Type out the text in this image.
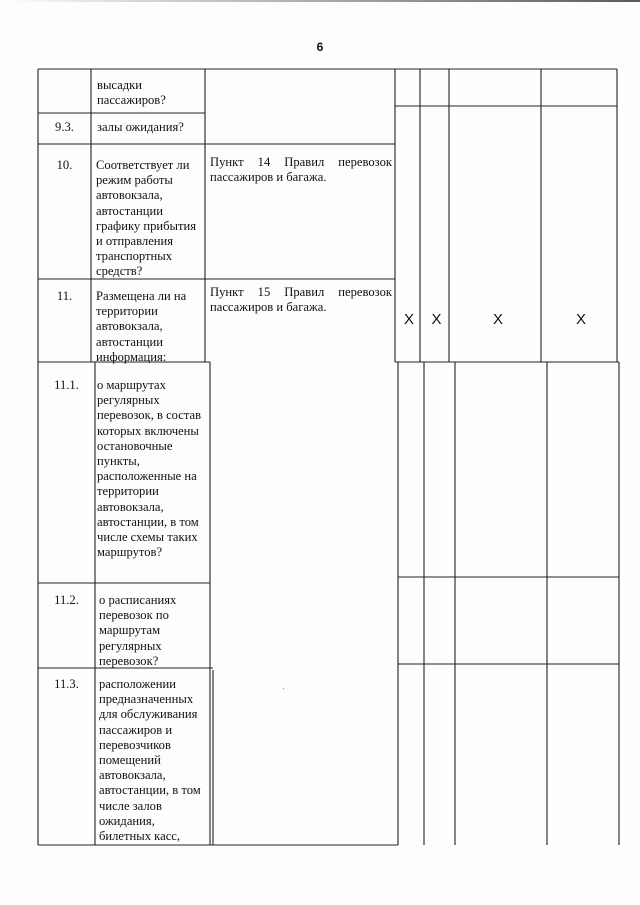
6
высадки
пассажиров?
9.3.	залы ожидания?
10.	Соответствует ли
режим работы
автовокзала,
автостанции
графику прибытия
и отправления
транспортных
средств?
Пункт 14 Правил перевозок пассажиров и багажа.
11.	Размещена ли на
территории
автовокзала,
автостанции
информация:
Пункт 15 Правил перевозок пассажиров и багажа.
X	X	X	X
11.1.	о маршрутах
регулярных
перевозок, в состав
которых включены
остановочные
пункты,
расположенные на
территории
автовокзала,
автостанции, в том
числе схемы таких
маршрутов?
11.2.	о расписаниях
перевозок по
маршрутам
регулярных
перевозок?
11.3.	расположении
предназначенных
для обслуживания
пассажиров и
перевозчиков
помещений
автовокзала,
автостанции, в том
числе залов
ожидания,
билетных касс,
